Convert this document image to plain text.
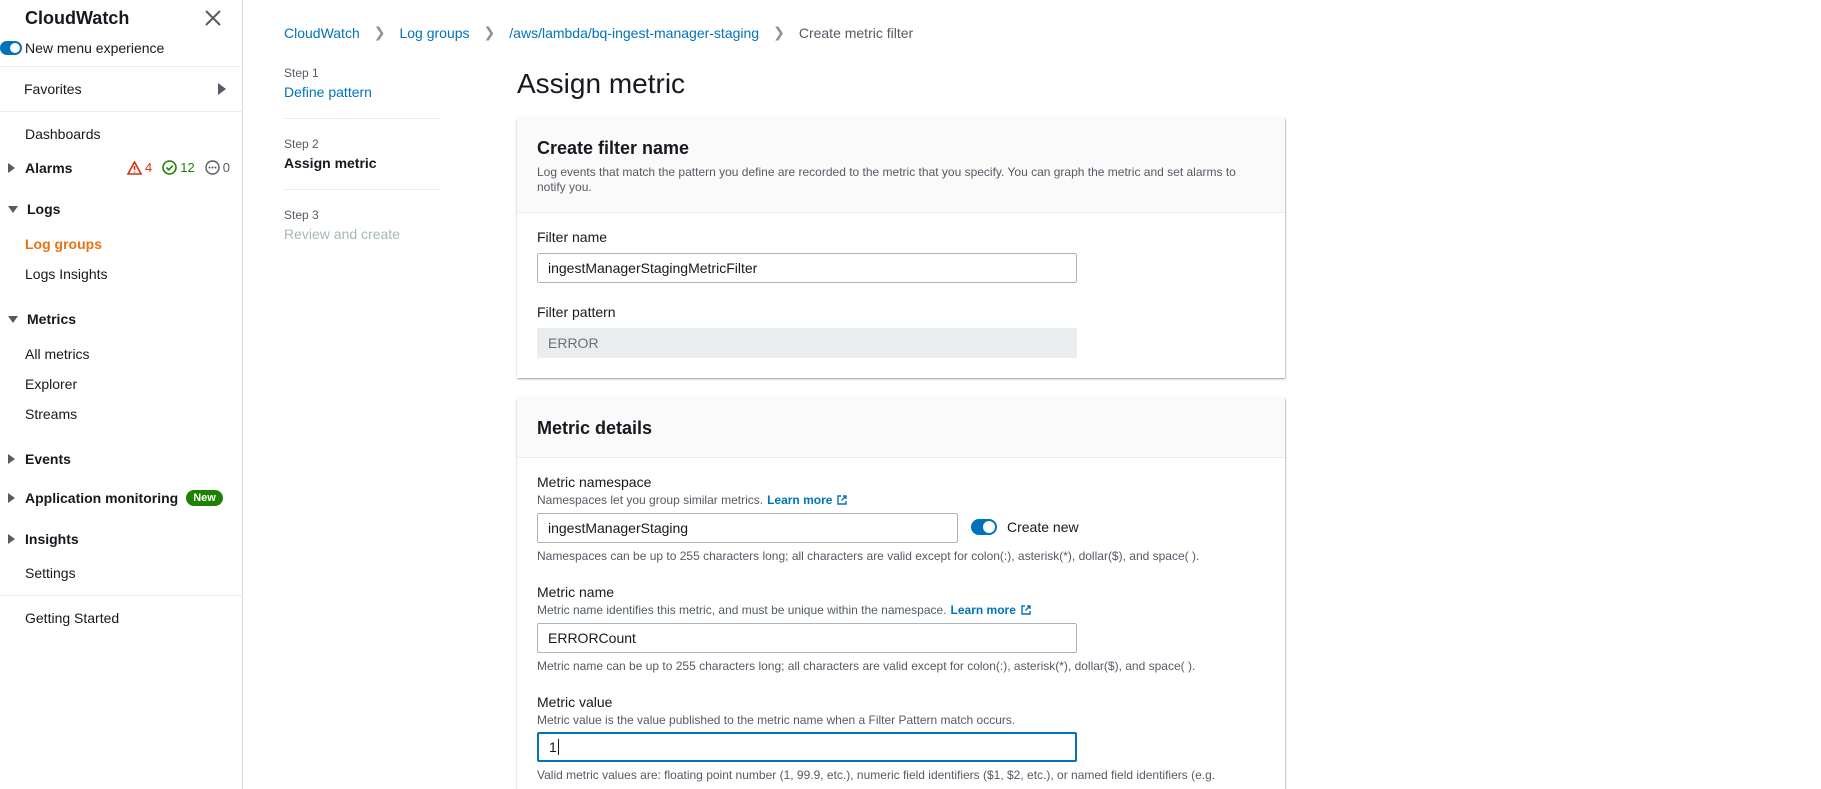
CloudWatch
New menu experience
Favorites
Dashboards
Alarms	4 12 0
Logs
Log groups
Logs Insights
Metrics
All metrics
Explorer
Streams
Events
Application monitoring	New
Insights
Settings
Getting Started
CloudWatch ❯ Log groups ❯ /aws/lambda/bq-ingest-manager-staging ❯ Create metric filter
Step 1
Define pattern
Step 2
Assign metric
Step 3
Review and create
Assign metric
Create filter name
Log events that match the pattern you define are recorded to the metric that you specify. You can graph the metric and set alarms to notify you.
Filter name
ingestManagerStagingMetricFilter
Filter pattern
ERROR
Metric details
Metric namespace
Namespaces let you group similar metrics. Learn more
ingestManagerStaging	Create new
Namespaces can be up to 255 characters long; all characters are valid except for colon(:), asterisk(*), dollar($), and space( ).
Metric name
Metric name identifies this metric, and must be unique within the namespace. Learn more
ERRORCount
Metric name can be up to 255 characters long; all characters are valid except for colon(:), asterisk(*), dollar($), and space( ).
Metric value
Metric value is the value published to the metric name when a Filter Pattern match occurs.
1
Valid metric values are: floating point number (1, 99.9, etc.), numeric field identifiers ($1, $2, etc.), or named field identifiers (e.g.
